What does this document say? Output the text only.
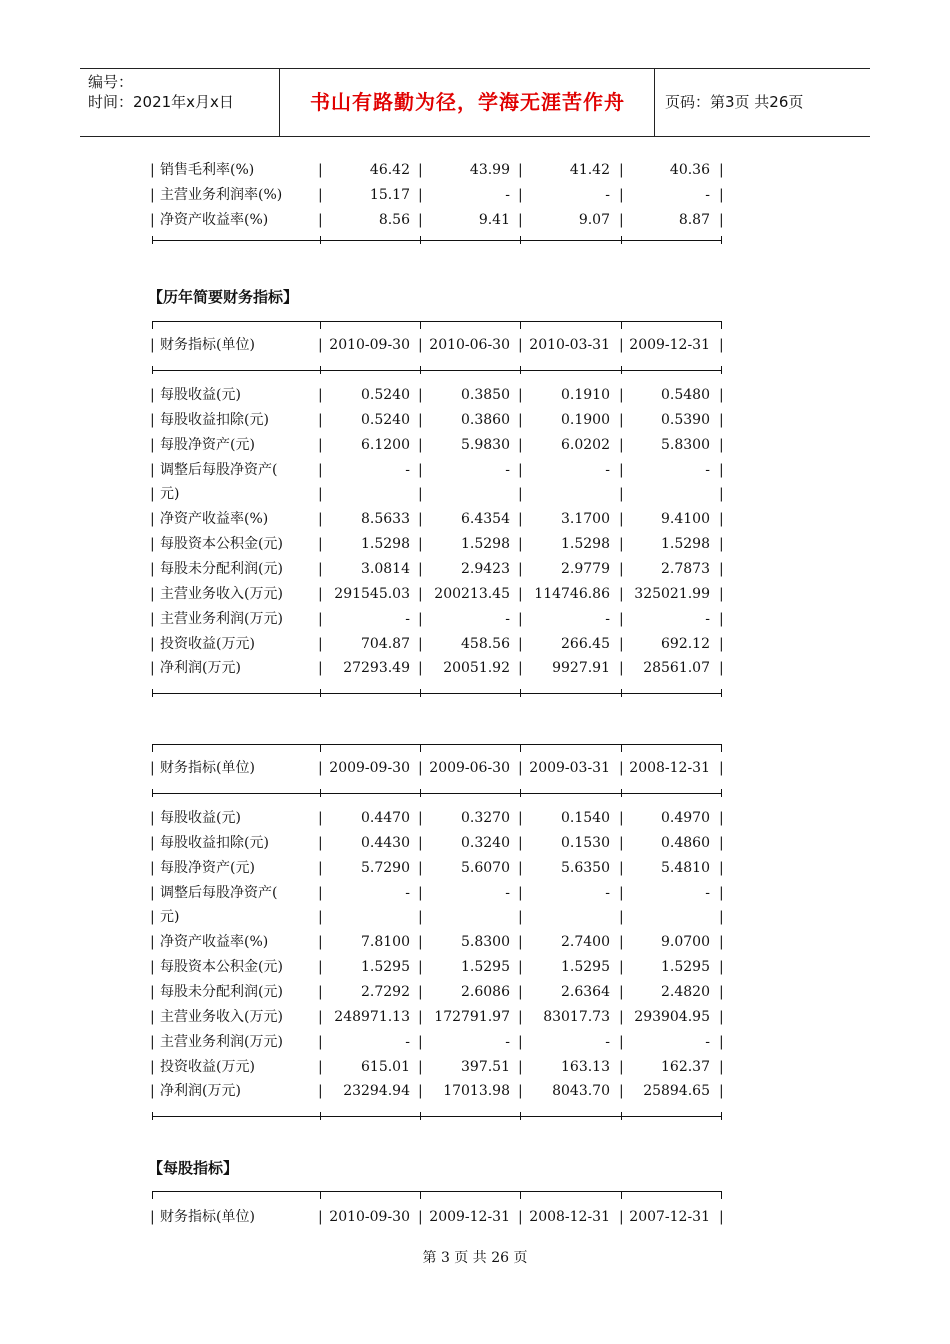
编号：
时间：2021年x月x日	书山有路勤为径，学海无涯苦作舟	页码：第3页 共26页
|	|	|	|	|	|
销售毛利率(%)	46.42	43.99	41.42	40.36
|	|	|	|	|	|
主营业务利润率(%)	15.17	-	-	-
|	|	|	|	|	|
净资产收益率(%)	8.56	9.41	9.07	8.87
|	|	|	|	|	|
财务指标(单位)	2010-09-30	2010-06-30	2010-03-31	2009-12-31
|	|	|	|	|	|
每股收益(元)	0.5240	0.3850	0.1910	0.5480
|	|	|	|	|	|
每股收益扣除(元)	0.5240	0.3860	0.1900	0.5390
|	|	|	|	|	|
每股净资产(元)	6.1200	5.9830	6.0202	5.8300
|	|	|	|	|	|
调整后每股净资产(	-	-	-	-
|	|	|	|	|	|
元)
|	|	|	|	|	|
净资产收益率(%)	8.5633	6.4354	3.1700	9.4100
|	|	|	|	|	|
每股资本公积金(元)	1.5298	1.5298	1.5298	1.5298
|	|	|	|	|	|
每股未分配利润(元)	3.0814	2.9423	2.9779	2.7873
|	|	|	|	|	|
主营业务收入(万元)	291545.03	200213.45	114746.86	325021.99
|	|	|	|	|	|
主营业务利润(万元)	-	-	-	-
|	|	|	|	|	|
投资收益(万元)	704.87	458.56	266.45	692.12
|	|	|	|	|	|
净利润(万元)	27293.49	20051.92	9927.91	28561.07
|	|	|	|	|	|
财务指标(单位)	2009-09-30	2009-06-30	2009-03-31	2008-12-31
|	|	|	|	|	|
每股收益(元)	0.4470	0.3270	0.1540	0.4970
|	|	|	|	|	|
每股收益扣除(元)	0.4430	0.3240	0.1530	0.4860
|	|	|	|	|	|
每股净资产(元)	5.7290	5.6070	5.6350	5.4810
|	|	|	|	|	|
调整后每股净资产(	-	-	-	-
|	|	|	|	|	|
元)
|	|	|	|	|	|
净资产收益率(%)	7.8100	5.8300	2.7400	9.0700
|	|	|	|	|	|
每股资本公积金(元)	1.5295	1.5295	1.5295	1.5295
|	|	|	|	|	|
每股未分配利润(元)	2.7292	2.6086	2.6364	2.4820
|	|	|	|	|	|
主营业务收入(万元)	248971.13	172791.97	83017.73	293904.95
|	|	|	|	|	|
主营业务利润(万元)	-	-	-	-
|	|	|	|	|	|
投资收益(万元)	615.01	397.51	163.13	162.37
|	|	|	|	|	|
净利润(万元)	23294.94	17013.98	8043.70	25894.65
|	|	|	|	|	|
财务指标(单位)	2010-09-30	2009-12-31	2008-12-31	2007-12-31
【历年简要财务指标】
【每股指标】
第 3 页 共 26 页
